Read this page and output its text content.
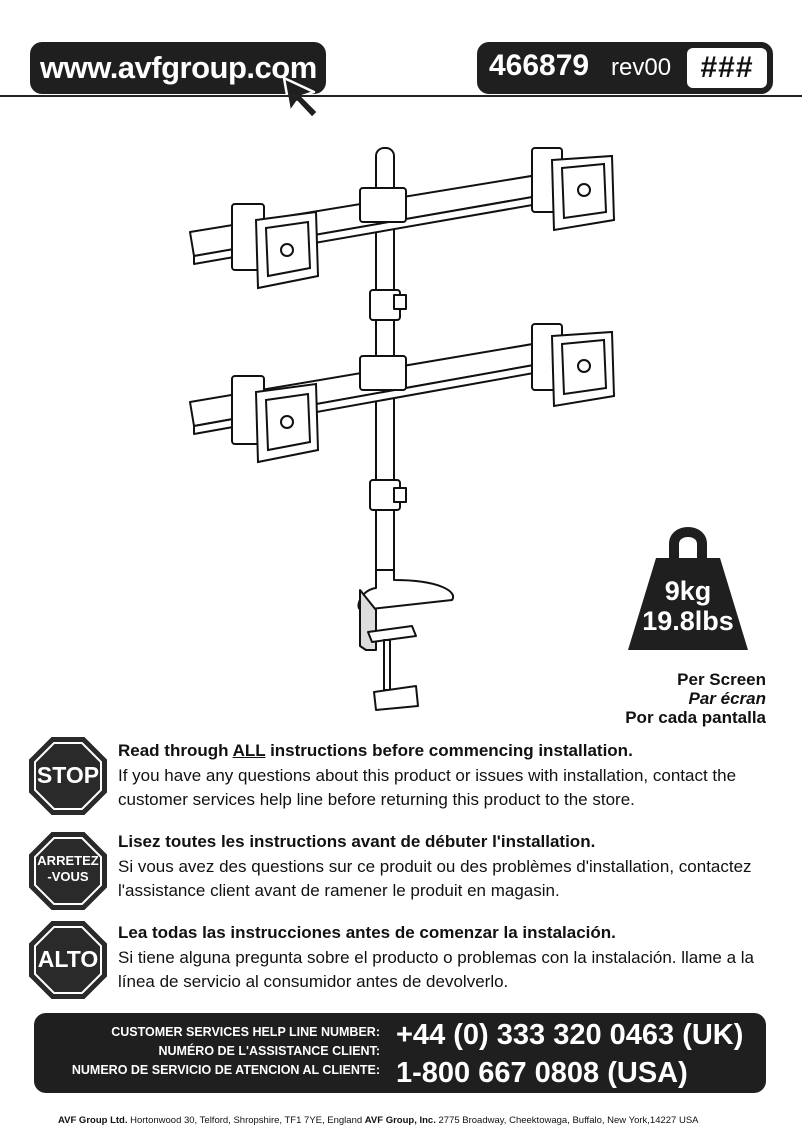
www.avfgroup.com	466879 rev00 ###
9kg
19.8lbs
Per Screen
Par écran
Por cada pantalla
STOP
Read through ALL instructions before commencing installation.
If you have any questions about this product or issues with installation, contact the customer services help line before returning this product to the store.
ARRETEZ
-VOUS
Lisez toutes les instructions avant de débuter l'installation.
Si vous avez des questions sur ce produit ou des problèmes d'installation, contactez l'assistance client avant de ramener le produit en magasin.
ALTO
Lea todas las instrucciones antes de comenzar la instalación.
Si tiene alguna pregunta sobre el producto o problemas con la instalación. llame a la línea de servicio al consumidor antes de devolverlo.
CUSTOMER SERVICES HELP LINE NUMBER:
NUMÉRO DE L'ASSISTANCE CLIENT:
NUMERO DE SERVICIO DE ATENCION AL CLIENTE:
+44 (0) 333 320 0463 (UK)
1-800 667 0808 (USA)
AVF Group Ltd. Hortonwood 30, Telford, Shropshire, TF1 7YE, England AVF Group, Inc. 2775 Broadway, Cheektowaga, Buffalo, New York,14227 USA
